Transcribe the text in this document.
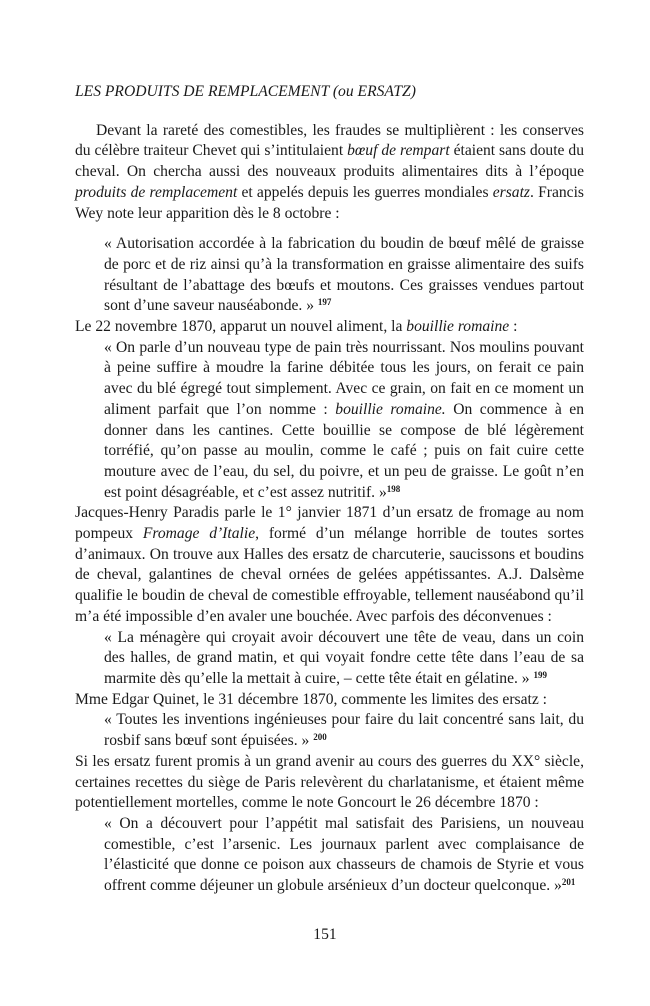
LES PRODUITS DE REMPLACEMENT (ou ERSATZ)

Devant la rareté des comestibles, les fraudes se multiplièrent : les conserves du célèbre traiteur Chevet qui s’intitulaient bœuf de rempart étaient sans doute du cheval. On chercha aussi des nouveaux produits alimentaires dits à l’époque produits de remplacement et appelés depuis les guerres mondiales ersatz. Francis Wey note leur apparition dès le 8 octobre :

« Autorisation accordée à la fabrication du boudin de bœuf mêlé de graisse de porc et de riz ainsi qu’à la transformation en graisse alimentaire des suifs résultant de l’abattage des bœufs et moutons. Ces graisses vendues partout sont d’une saveur nauséabonde. » $^{197}$

Le 22 novembre 1870, apparut un nouvel aliment, la bouillie romaine :

« On parle d’un nouveau type de pain très nourrissant. Nos moulins pouvant à peine suffire à moudre la farine débitée tous les jours, on ferait ce pain avec du blé égregé tout simplement. Avec ce grain, on fait en ce moment un aliment parfait que l’on nomme : bouillie romaine. On commence à en donner dans les cantines. Cette bouillie se compose de blé légèrement torréfié, qu’on passe au moulin, comme le café ; puis on fait cuire cette mouture avec de l’eau, du sel, du poivre, et un peu de graisse. Le goût n’en est point désagréable, et c’est assez nutritif. »$^{198}$

Jacques-Henry Paradis parle le 1° janvier 1871 d’un ersatz de fromage au nom pompeux Fromage d’Italie, formé d’un mélange horrible de toutes sortes d’animaux. On trouve aux Halles des ersatz de charcuterie, saucissons et boudins de cheval, galantines de cheval ornées de gelées appétissantes. A.J. Dalsème qualifie le boudin de cheval de comestible effroyable, tellement nauséabond qu’il m’a été impossible d’en avaler une bouchée. Avec parfois des déconvenues :

« La ménagère qui croyait avoir découvert une tête de veau, dans un coin des halles, de grand matin, et qui voyait fondre cette tête dans l’eau de sa marmite dès qu’elle la mettait à cuire, – cette tête était en gélatine. » $^{199}$

Mme Edgar Quinet, le 31 décembre 1870, commente les limites des ersatz :

« Toutes les inventions ingénieuses pour faire du lait concentré sans lait, du rosbif sans bœuf sont épuisées. » $^{200}$

Si les ersatz furent promis à un grand avenir au cours des guerres du XX° siècle, certaines recettes du siège de Paris relevèrent du charlatanisme, et étaient même potentiellement mortelles, comme le note Goncourt le 26 décembre 1870 :

« On a découvert pour l’appétit mal satisfait des Parisiens, un nouveau comestible, c’est l’arsenic. Les journaux parlent avec complaisance de l’élasticité que donne ce poison aux chasseurs de chamois de Styrie et vous offrent comme déjeuner un globule arsénieux d’un docteur quelconque. »$^{201}$

151
